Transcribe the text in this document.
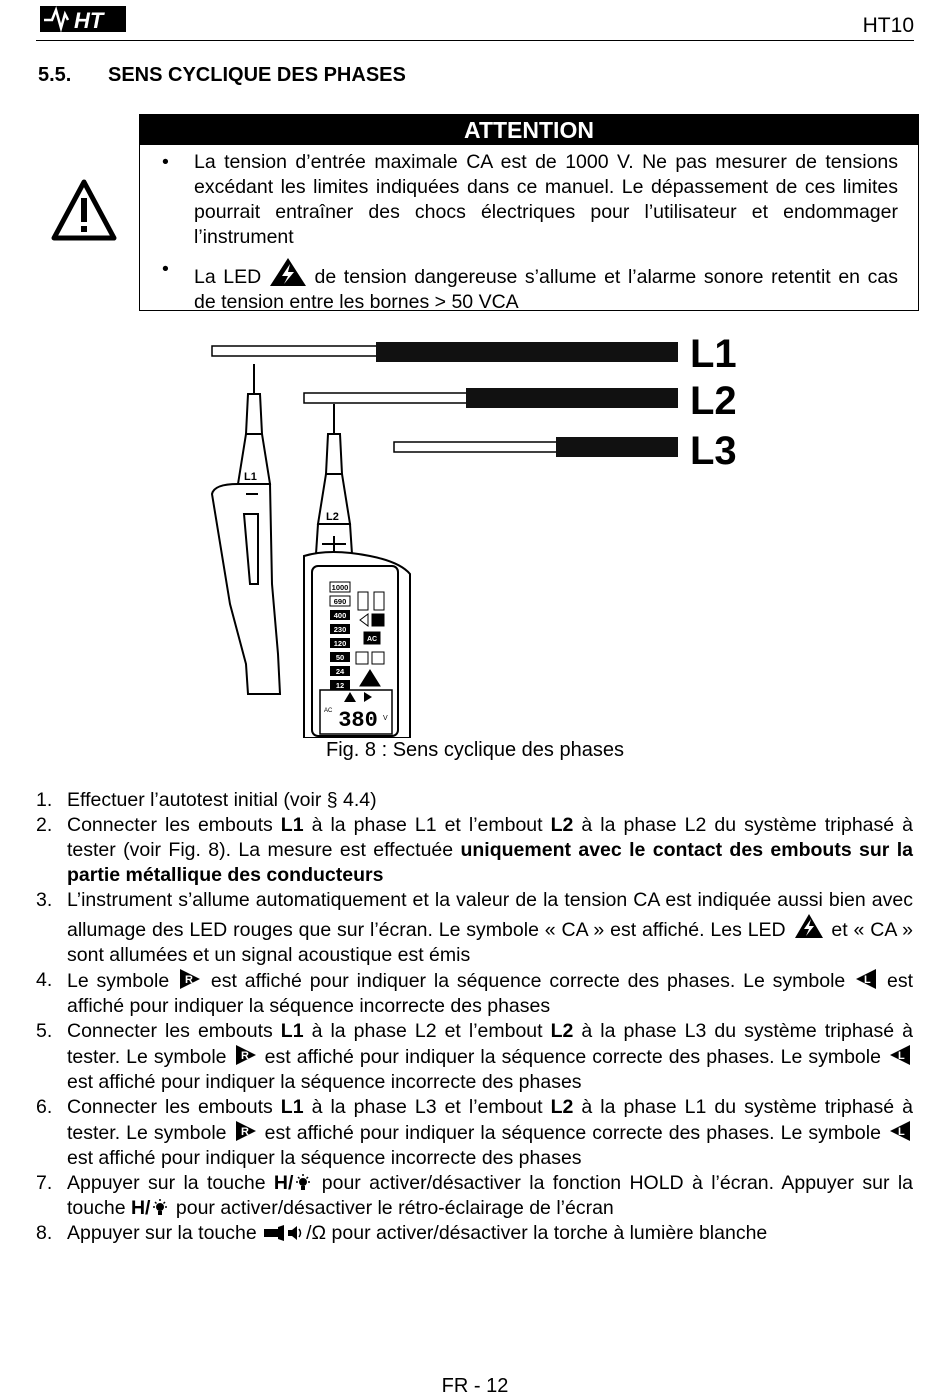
HT	HT10
5.5. SENS CYCLIQUE DES PHASES
ATTENTION
• La tension d’entrée maximale CA est de 1000 V. Ne pas mesurer de tensions excédant les limites indiquées dans ce manuel. Le dépassement de ces limites pourrait entraîner des chocs électriques pour l’utilisateur et endommager l’instrument
• La LED	de tension dangereuse s’allume et l’alarme sonore retentit en cas de tension entre les bornes > 50 VCA
L1
L2
L3
L1
L2
1000
690
400
230
120
50
24
12
AC
AC 380 V
Fig. 8 : Sens cyclique des phases
1. Effectuer l’autotest initial (voir § 4.4)
2. Connecter les embouts L1 à la phase L1 et l’embout L2 à la phase L2 du système triphasé à tester (voir Fig. 8). La mesure est effectuée uniquement avec le contact des embouts sur la partie métallique des conducteurs
3. L’instrument s’allume automatiquement et la valeur de la tension CA est indiquée aussi bien avec allumage des LED rouges que sur l’écran. Le symbole « CA » est affiché. Les LED et « CA » sont allumées et un signal acoustique est émis
4. Le symbole R est affiché pour indiquer la séquence correcte des phases. Le symbole L est affiché pour indiquer la séquence incorrecte des phases
5. Connecter les embouts L1 à la phase L2 et l’embout L2 à la phase L3 du système triphasé à tester. Le symbole R est affiché pour indiquer la séquence correcte des phases. Le symbole L
est affiché pour indiquer la séquence incorrecte des phases
6. Connecter les embouts L1 à la phase L3 et l’embout L2 à la phase L1 du système triphasé à tester. Le symbole R est affiché pour indiquer la séquence correcte des phases. Le symbole L
est affiché pour indiquer la séquence incorrecte des phases
7. Appuyer sur la touche H/ pour activer/désactiver la fonction HOLD à l’écran. Appuyer sur la touche H/ pour activer/désactiver le rétro-éclairage de l’écran
8. Appuyer sur la touche /Ω pour activer/désactiver la torche à lumière blanche
FR - 12
